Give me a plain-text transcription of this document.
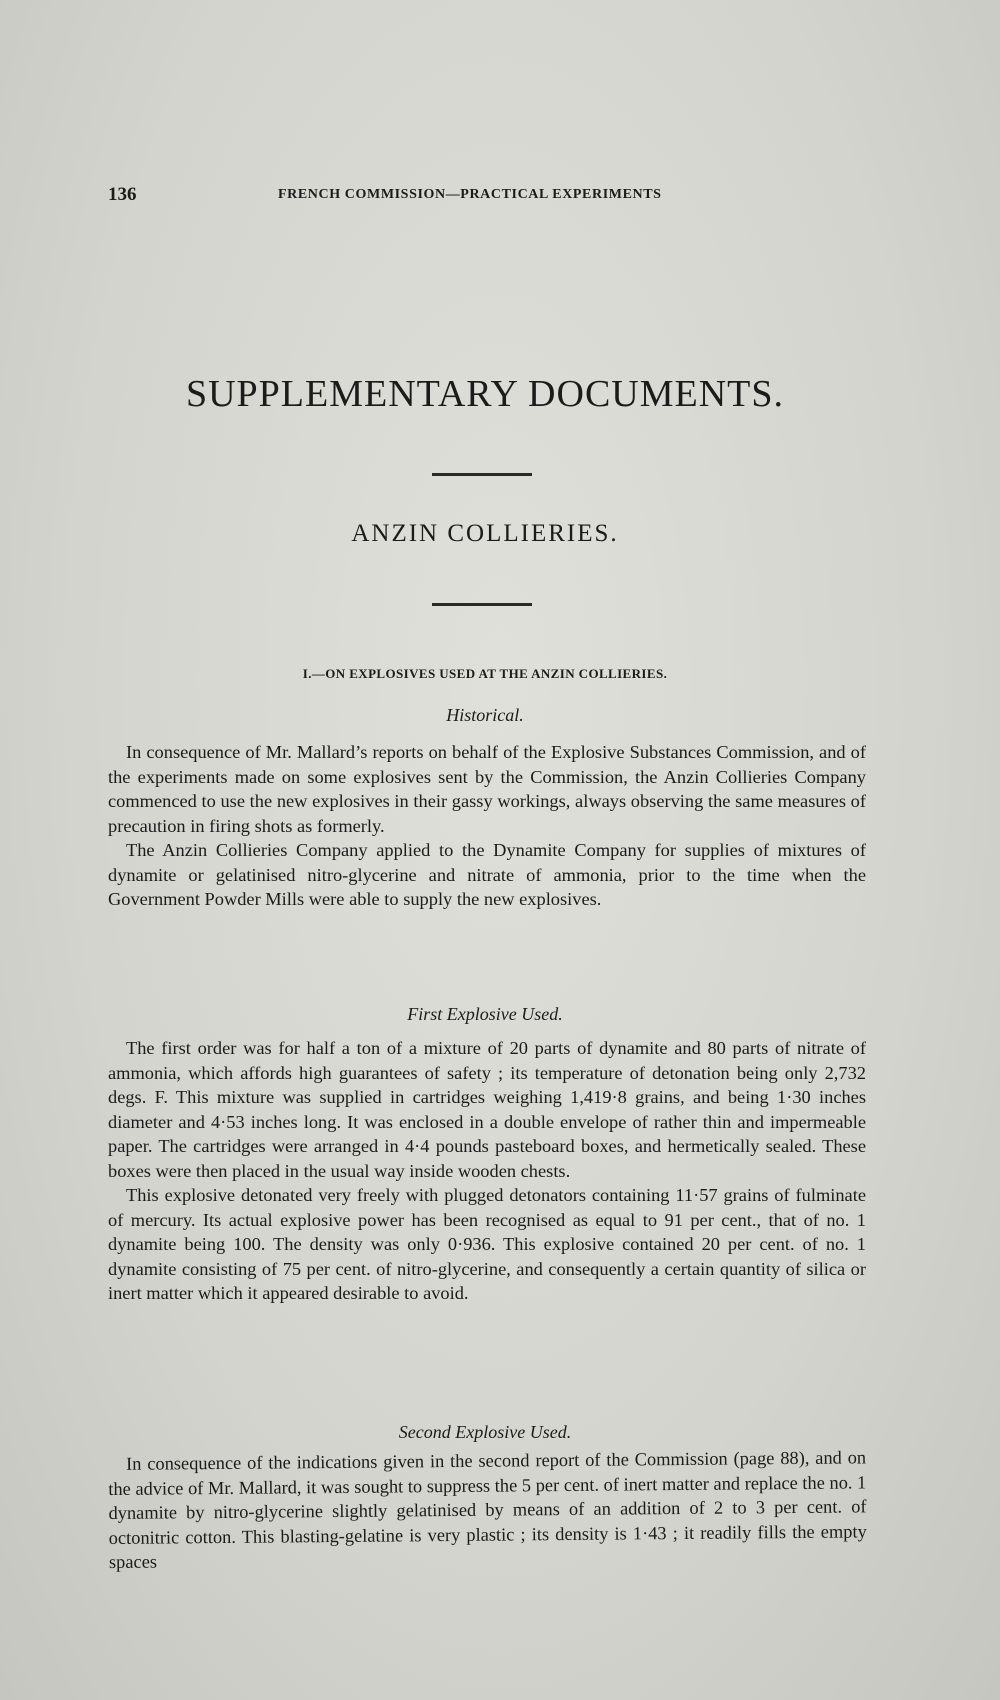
136	FRENCH COMMISSION—PRACTICAL EXPERIMENTS
SUPPLEMENTARY DOCUMENTS.
ANZIN COLLIERIES.
I.—ON EXPLOSIVES USED AT THE ANZIN COLLIERIES.
Historical.

In consequence of Mr. Mallard’s reports on behalf of the Explosive Substances Commission, and of the experiments made on some explosives sent by the Commission, the Anzin Collieries Company commenced to use the new explosives in their gassy workings, always observing the same measures of precaution in firing shots as formerly.

The Anzin Collieries Company applied to the Dynamite Company for supplies of mixtures of dynamite or gelatinised nitro-glycerine and nitrate of ammonia, prior to the time when the Government Powder Mills were able to supply the new explosives.

First Explosive Used.

The first order was for half a ton of a mixture of 20 parts of dynamite and 80 parts of nitrate of ammonia, which affords high guarantees of safety ; its temperature of detonation being only 2,732 degs. F. This mixture was supplied in cartridges weighing 1,419·8 grains, and being 1·30 inches diameter and 4·53 inches long. It was enclosed in a double envelope of rather thin and impermeable paper. The cartridges were arranged in 4·4 pounds pasteboard boxes, and hermetically sealed. These boxes were then placed in the usual way inside wooden chests.

This explosive detonated very freely with plugged detonators containing 11·57 grains of fulminate of mercury. Its actual explosive power has been recognised as equal to 91 per cent., that of no. 1 dynamite being 100. The density was only 0·936. This explosive contained 20 per cent. of no. 1 dynamite consisting of 75 per cent. of nitro-glycerine, and consequently a certain quantity of silica or inert matter which it appeared desirable to avoid.

Second Explosive Used.

In consequence of the indications given in the second report of the Commission (page 88), and on the advice of Mr. Mallard, it was sought to suppress the 5 per cent. of inert matter and replace the no. 1 dynamite by nitro-glycerine slightly gelatinised by means of an addition of 2 to 3 per cent. of octonitric cotton. This blasting-gelatine is very plastic ; its density is 1·43 ; it readily fills the empty spaces
